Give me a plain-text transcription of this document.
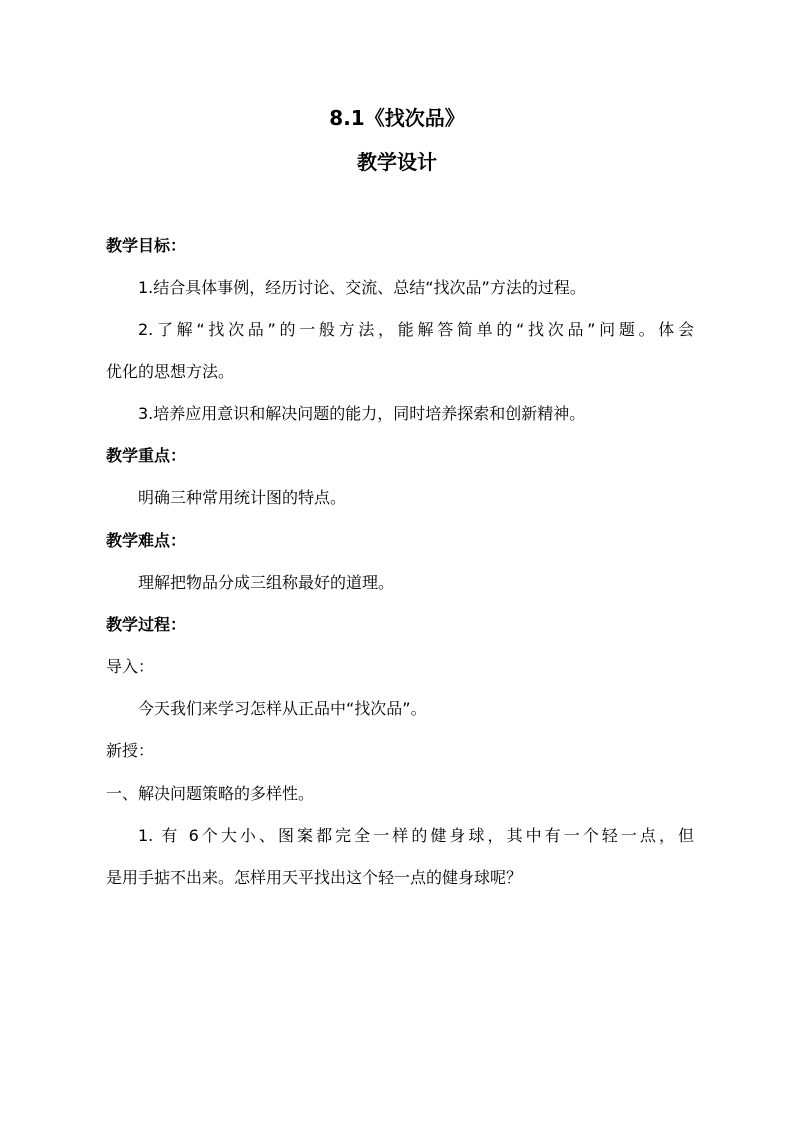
8.1《找次品》
教学设计
教学目标：
1.结合具体事例，经历讨论、交流、总结“找次品”方法的过程。
2.了解“找次品”的一般方法，能解答简单的“找次品”问题。体会
优化的思想方法。
3.培养应用意识和解决问题的能力，同时培养探索和创新精神。
教学重点：
明确三种常用统计图的特点。
教学难点：
理解把物品分成三组称最好的道理。
教学过程：
导入：
今天我们来学习怎样从正品中“找次品”。
新授：
一、解决问题策略的多样性。
1. 有 6个大小、图案都完全一样的健身球，其中有一个轻一点，但
是用手掂不出来。怎样用天平找出这个轻一点的健身球呢？
